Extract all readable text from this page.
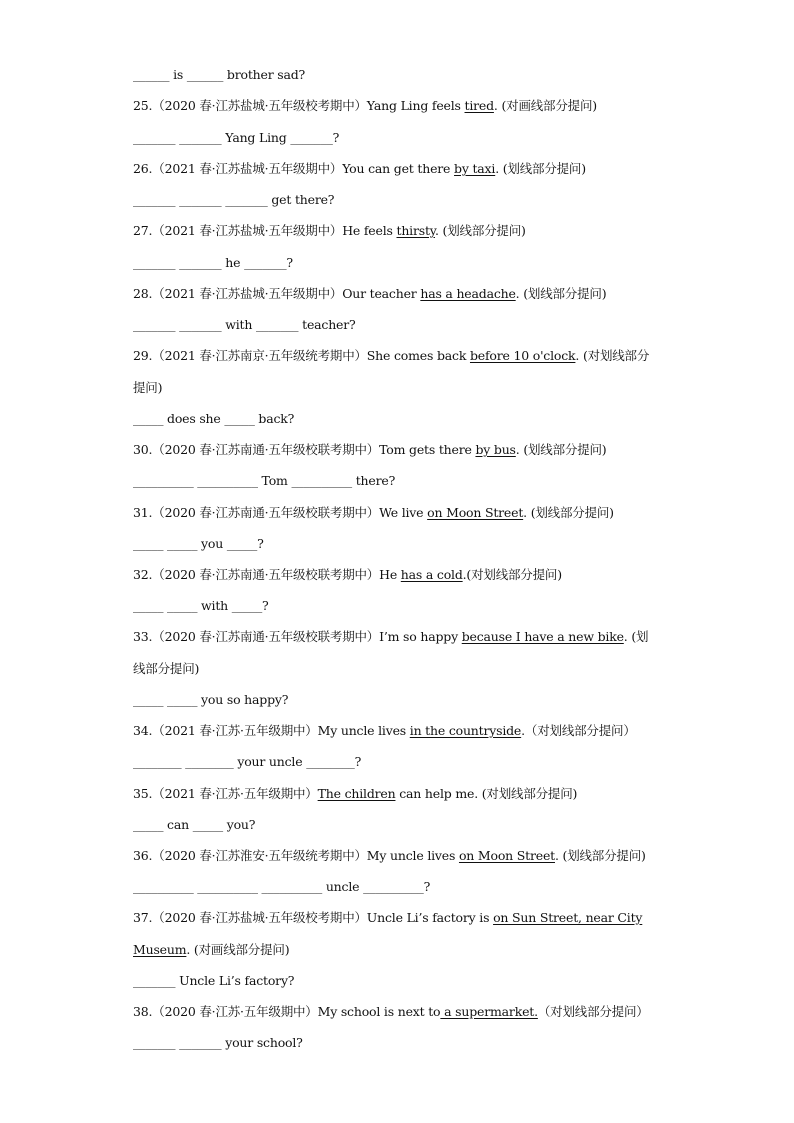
______ is ______ brother sad?
25.（2020 春·江苏盐城·五年级校考期中）Yang Ling feels tired. (对画线部分提问)
_______ _______ Yang Ling _______?
26.（2021 春·江苏盐城·五年级期中）You can get there by taxi. (划线部分提问)
_______ _______ _______ get there?
27.（2021 春·江苏盐城·五年级期中）He feels thirsty. (划线部分提问)
_______ _______ he _______?
28.（2021 春·江苏盐城·五年级期中）Our teacher has a headache. (划线部分提问)
_______ _______ with _______ teacher?
29.（2021 春·江苏南京·五年级统考期中）She comes back before 10 o'clock. (对划线部分
提问)
_____ does she _____ back?
30.（2020 春·江苏南通·五年级校联考期中）Tom gets there by bus. (划线部分提问)
__________ __________ Tom __________ there?
31.（2020 春·江苏南通·五年级校联考期中）We live on Moon Street. (划线部分提问)
_____ _____ you _____?
32.（2020 春·江苏南通·五年级校联考期中）He has a cold.(对划线部分提问)
_____ _____ with _____?
33.（2020 春·江苏南通·五年级校联考期中）I’m so happy because I have a new bike. (划
线部分提问)
_____ _____ you so happy?
34.（2021 春·江苏·五年级期中）My uncle lives in the countryside.（对划线部分提问）
________ ________ your uncle ________?
35.（2021 春·江苏·五年级期中）The children can help me. (对划线部分提问)
_____ can _____ you?
36.（2020 春·江苏淮安·五年级统考期中）My uncle lives on Moon Street. (划线部分提问)
__________ __________ __________ uncle __________?
37.（2020 春·江苏盐城·五年级校考期中）Uncle Li’s factory is on Sun Street, near City
Museum. (对画线部分提问)
_______ Uncle Li’s factory?
38.（2020 春·江苏·五年级期中）My school is next to a supermarket.（对划线部分提问）
_______ _______ your school?
